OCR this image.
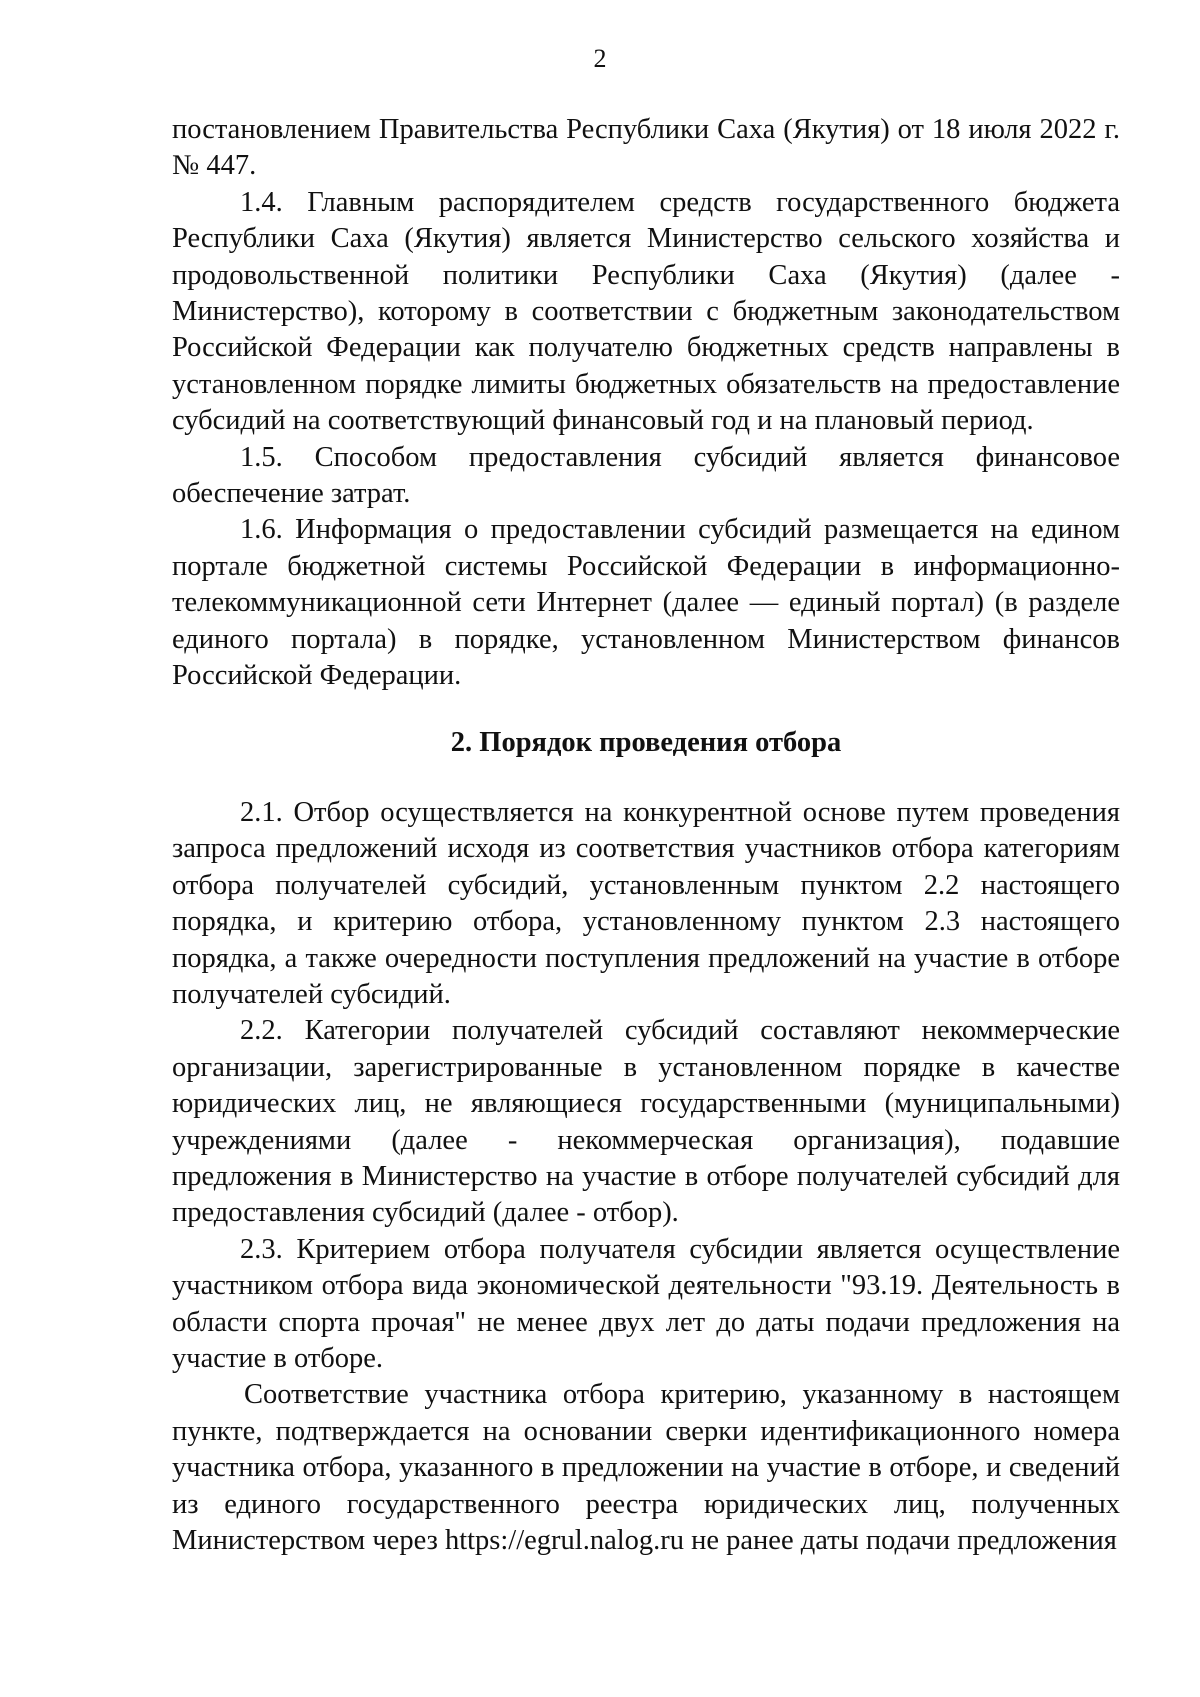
2

постановлением Правительства Республики Саха (Якутия) от 18 июля 2022 г. № 447.

1.4. Главным распорядителем средств государственного бюджета Республики Саха (Якутия) является Министерство сельского хозяйства и продовольственной политики Республики Саха (Якутия) (далее - Министерство), которому в соответствии с бюджетным законодательством Российской Федерации как получателю бюджетных средств направлены в установленном порядке лимиты бюджетных обязательств на предоставление субсидий на соответствующий финансовый год и на плановый период.

1.5. Способом предоставления субсидий является финансовое обеспечение затрат.

1.6. Информация о предоставлении субсидий размещается на едином портале бюджетной системы Российской Федерации в информационно-телекоммуникационной сети Интернет (далее — единый портал) (в разделе единого портала) в порядке, установленном Министерством финансов Российской Федерации.

2. Порядок проведения отбора

2.1. Отбор осуществляется на конкурентной основе путем проведения запроса предложений исходя из соответствия участников отбора категориям отбора получателей субсидий, установленным пунктом 2.2 настоящего порядка, и критерию отбора, установленному пунктом 2.3 настоящего порядка, а также очередности поступления предложений на участие в отборе получателей субсидий.

2.2. Категории получателей субсидий составляют некоммерческие организации, зарегистрированные в установленном порядке в качестве юридических лиц, не являющиеся государственными (муниципальными) учреждениями (далее - некоммерческая организация), подавшие предложения в Министерство на участие в отборе получателей субсидий для предоставления субсидий (далее - отбор).

2.3. Критерием отбора получателя субсидии является осуществление участником отбора вида экономической деятельности "93.19. Деятельность в области спорта прочая" не менее двух лет до даты подачи предложения на участие в отборе.

Соответствие участника отбора критерию, указанному в настоящем пункте, подтверждается на основании сверки идентификационного номера участника отбора, указанного в предложении на участие в отборе, и сведений из единого государственного реестра юридических лиц, полученных Министерством через https://egrul.nalog.ru не ранее даты подачи предложения
